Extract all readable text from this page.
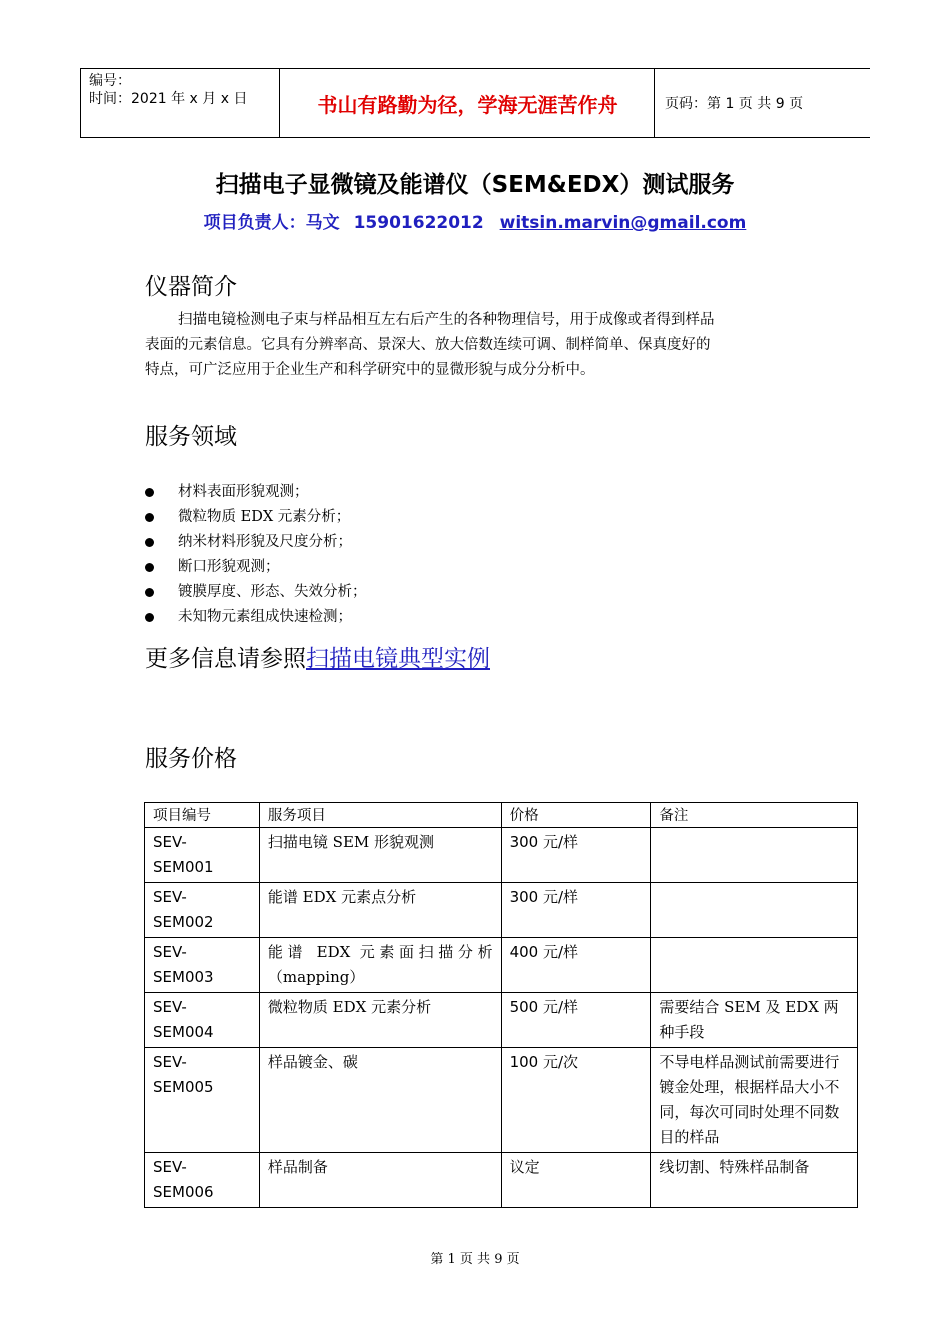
编号：
时间：2021 年 x 月 x 日	书山有路勤为径，学海无涯苦作舟	页码：第 1 页 共 9 页
扫描电子显微镜及能谱仪（SEM&EDX）测试服务
项目负责人：马文 15901622012 witsin.marvin@gmail.com
仪器简介

扫描电镜检测电子束与样品相互左右后产生的各种物理信号，用于成像或者得到样品

表面的元素信息。它具有分辨率高、景深大、放大倍数连续可调、制样简单、保真度好的

特点，可广泛应用于企业生产和科学研究中的显微形貌与成分分析中。

服务领域
材料表面形貌观测；
微粒物质 EDX 元素分析；
纳米材料形貌及尺度分析；
断口形貌观测；
镀膜厚度、形态、失效分析；
未知物元素组成快速检测；
更多信息请参照扫描电镜典型实例
服务价格
项目编号	服务项目	价格	备注

SEV-
SEM001	扫描电镜 SEM 形貌观测	300 元/样	

SEV-
SEM002	能谱 EDX 元素点分析	300 元/样	

SEV-
SEM003	能谱 EDX 元素面扫描分析（mapping）	400 元/样	

SEV-
SEM004	微粒物质 EDX 元素分析	500 元/样	需要结合 SEM 及 EDX 两种手段

SEV-
SEM005	样品镀金、碳	100 元/次	不导电样品测试前需要进行镀金处理，根据样品大小不同，每次可同时处理不同数目的样品

SEV-
SEM006	样品制备	议定	线切割、特殊样品制备
第 1 页 共 9 页
